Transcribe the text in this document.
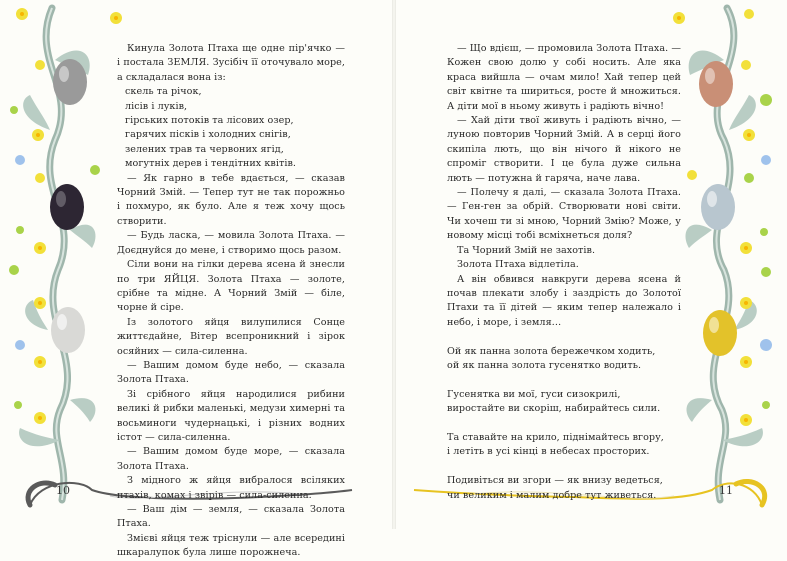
Кинула Золота Птаха ще одне пір'ячко — і постала ЗЕМЛЯ. Зусібіч її оточувало море, а складалася вона із:

скель та річок,

лісів і луків,

гірських потоків та лісових озер,

гарячих пісків і холодних снігів,

зелених трав та червоних ягід,

могутніх дерев і тендітних квітів.

— Як гарно в тебе вдається, — сказав Чорний Змій. — Тепер тут не так порожньо і похмуро, як було. Але я теж хочу щось створити.

— Будь ласка, — мовила Золота Птаха. — Доєднуйся до мене, і створимо щось разом.

Сіли вони на гілки дерева ясена й знесли по три ЯЙЦЯ. Золота Птаха — золоте, срібне та мідне. А Чорний Змій — біле, чорне й сіре.

Із золотого яйця вилупилися Сонце життєдайне, Вітер всепроникний і зірок осяйних — сила-силенна.

— Вашим домом буде небо, — сказала Золота Птаха.

Зі срібного яйця народилися рибини великі й рибки маленькі, медузи химерні та восьминоги чудернацькі, і різних водних істот — сила-силенна.

— Вашим домом буде море, — сказала Золота Птаха.

З мідного ж яйця вибралося всіляких птахів, комах і звірів — сила-силенна.

— Ваш дім — земля, — сказала Золота Птаха.

Змієві яйця теж тріснули — але всередині шкаралупок була лише порожнеча.

10

— Що вдієш, — промовила Золота Птаха. — Кожен свою долю у собі носить. Але яка краса вийшла — очам мило! Хай тепер цей світ квітне та шириться, росте й множиться. А діти мої в ньому живуть і радіють вічно!

— Хай діти твої живуть і радіють вічно, — луною повторив Чорний Змій. А в серці його скипіла лють, що він нічого й нікого не спроміг створити. І це була дуже сильна лють — потужна й гаряча, наче лава.

— Полечу я далі, — сказала Золота Птаха. — Ген-ген за обрій. Створювати нові світи. Чи хочеш ти зі мною, Чорний Змію? Може, у новому місці тобі всміхнеться доля?

Та Чорний Змій не захотів.

Золота Птаха відлетіла.

А він обвився навкруги дерева ясена й почав плекати злобу і заздрість до Золотої Птахи та її дітей — яким тепер належало і небо, і море, і земля…

Ой як панна золота бережечком ходить,

ой як панна золота гусенятко водить.

Гусенятка ви мої, гуси сизокрилі,

виростайте ви скоріш, набирайтесь сили.

Та ставайте на крило, піднімайтесь вгору,

і летіть в усі кінці в небесах просторих.

Подивіться ви згори — як внизу ведеться,

чи великим і малим добре тут живеться.	11
